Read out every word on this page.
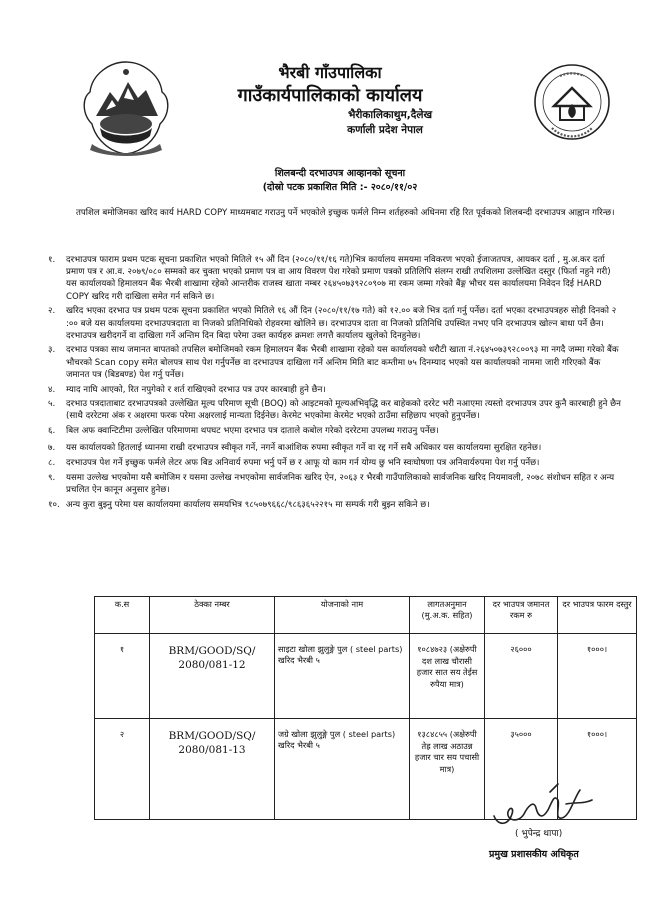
भैरबी गाँउपालिका
गाउँकार्यपालिकाको कार्यालय
भैरीकालिकाथुम,दैलेख
कर्णाली प्रदेश नेपाल
शिलबन्दी दरभाउपत्र आव्हानको सूचना
(दोस्रो पटक प्रकाशित मिति :- २०८०/११/०२
तपशिल बमोजिमका खरिद कार्य HARD COPY माध्यमबाट गराउनु पर्ने भएकोले इच्छुक फर्मले निम्न शर्तहरुको अधिनमा रहि रित पूर्वकको शिलबन्दी दरभाउपत्र आह्वान गरिन्छ।
१.	दरभाउपत्र फाराम प्रथम पटक सूचना प्रकाशित भएको मितिले १५ औं दिन (२०८०/११/१६ गते)भित्र कार्यालय समयमा नविकरण भएको ईजाजतपत्र, आयकर दर्ता , मु.अ.कर दर्ता प्रमाण पत्र र आ.व. २०७९/०८० सम्मको कर चुक्ता भएको प्रमाण पत्र वा आय विवरण पेश गरेको प्रमाण पत्रको प्रतिलिपि संलग्न राखी तपशिलमा उल्लेखित दस्तुर (फिर्ता नहुने गरी) यस कार्यालयको हिमालयन बैंक भैरबी शाखामा रहेको आन्तरीक राजस्व खाता नम्बर २६४५०७३९२८०९०७ मा रकम जम्मा गरेको बैंङ्ग भौचर यस कार्यालयमा निवेदन दिई HARD COPY खरिद गरी दाखिला समेत गर्न सकिने छ।
२.	खरिद भएका दरभाउ पत्र प्रथम पटक सूचना प्रकाशित भएको मितिले १६ औं दिन (२०८०/११/१७ गते) को १२.०० बजे भित्र दर्ता गर्नु पर्नेछ। दर्ता भएका दरभाउपत्रहरु सोही दिनको २ :०० बजे यस कार्यालयमा दरभाउपत्रदाता वा निजको प्रतिनिधिको रोहवरमा खोलिने छ। दरभाउपत्र दाता वा निजको प्रतिनिधि उपस्थित नभए पनि दरभाउपत्र खोल्न बाधा पर्ने छैन।दरभाउपत्र खरीदगर्ने वा दाखिला गर्ने अन्तिम दिन बिदा परेमा उक्त कार्यहरु क्रमशः लगत्तै कार्यालय खुलेको दिनहुनेछ।
३.	दरभाउ पत्रका साथ जमानत बापतको तपसिल बमोजिमको रकम हिमालयन बैंक भैरबी शाखामा रहेको यस कार्यालयको धरौटी खाता नं.२६४५०७३९२८००९३ मा नगदै जम्मा गरेको बैंक भौचरको Scan copy समेत बोलपत्र साथ पेश गर्नुपर्नेछ वा दरभाउपत्र दाखिला गर्ने अन्तिम मिति बाट कम्तीमा ७५ दिनम्याद भएको यस कार्यालयको नाममा जारी गरिएको बैंक जमानत पत्र (बिडबण्ड) पेश गर्नु पर्नेछ।
४.	म्याद नाघि आएको, रित नपुगेको र शर्त राखिएको दरभाउ पत्र उपर कारबाही हुने छैन।
५.	दरभाउ पत्रदाताबाट दरभाउपत्रको उल्लेखित मूल्य परिमाण सूची (BOQ) को आइटमको मूल्यअभिवृद्धि कर बाहेकको दररेट भरी नआएमा त्यस्तो दरभाउपत्र उपर कुनै कारबाही हुने छैन (साथै दररेटमा अंक र अक्षरमा फरक परेमा अक्षरलाई मान्यता दिईनेछ। केरमेट भएकोमा केरमेट भएको ठाउँमा सहिछाप भएको हुनुपर्नेछ।
६.	बिल अफ क्वान्टिटीमा उल्लेखित परिमाणमा थपघट भएमा दरभाउ पत्र दाताले कबोल गरेको दररेटमा उपलब्ध गराउनु पर्नेछ।
७.	यस कार्यालयको हितलाई ध्यानमा राखी दरभाउपत्र स्वीकृत गर्ने, नगर्ने बाआंशिक रुपमा स्वीकृत गर्ने वा रद्द गर्ने सबै अधिकार यस कार्यालयमा सुरक्षित रहनेछ।
८.	दरभाउपत्र पेश गर्ने इच्छुक फर्मले लेटर अफ बिड अनिवार्य रुपमा भर्नु पर्ने छ र आफू यो काम गर्न योग्य छु भनि स्वःघोषणा पत्र अनिवार्यरुपमा पेश गर्नु पर्नेछ।
९.	यसमा उल्लेख भएकोमा यसै बमोजिम र यसमा उल्लेख नभएकोमा सार्वजनिक खरिद ऐन, २०६३ र भैरबी गाउँपालिकाको सार्वजनिक खरिद नियमावली, २०७८ संशोधन सहित र अन्य प्रचलित ऐन कानून अनुसार हुनेछ।
१०. अन्य कुरा बुझ्नु परेमा यस कार्यालयमा कार्यालय समयभित्र ९८५०७९६६८/९८६३६५२२१५ मा सम्पर्क गरी बुझ्न सकिने छ।
क.स	ठेक्का नम्बर	योजनाको नाम	लागतअनुमान (मु.अ.क. सहित)	दर भाउपत्र जमानत रकम रु	दर भाउपत्र फारम दस्तुर
१	BRM/GOOD/SQ/ 2080/081-12	साइटा खोला झुलुङ्गे पुल ( steel parts) खरिद भैरबी ५	१०८४७२३ (अक्षेरुपी दश लाख चौरासी हजार सात सय तेईस रुपैया मात्र)	२६०००	१०००।
२	BRM/GOOD/SQ/ 2080/081-13	जग्रे खोला झुलुङ्गे पुल ( steel parts) खरिद भैरबी ५	१३८४८५५ (अक्षेरुपी तेह्र लाख अठाउन्न हजार चार सय पचासी मात्र)	३५०००	१०००।
( भुपेन्द्र थापा)
प्रमुख प्रशासकीय अधिकृत
